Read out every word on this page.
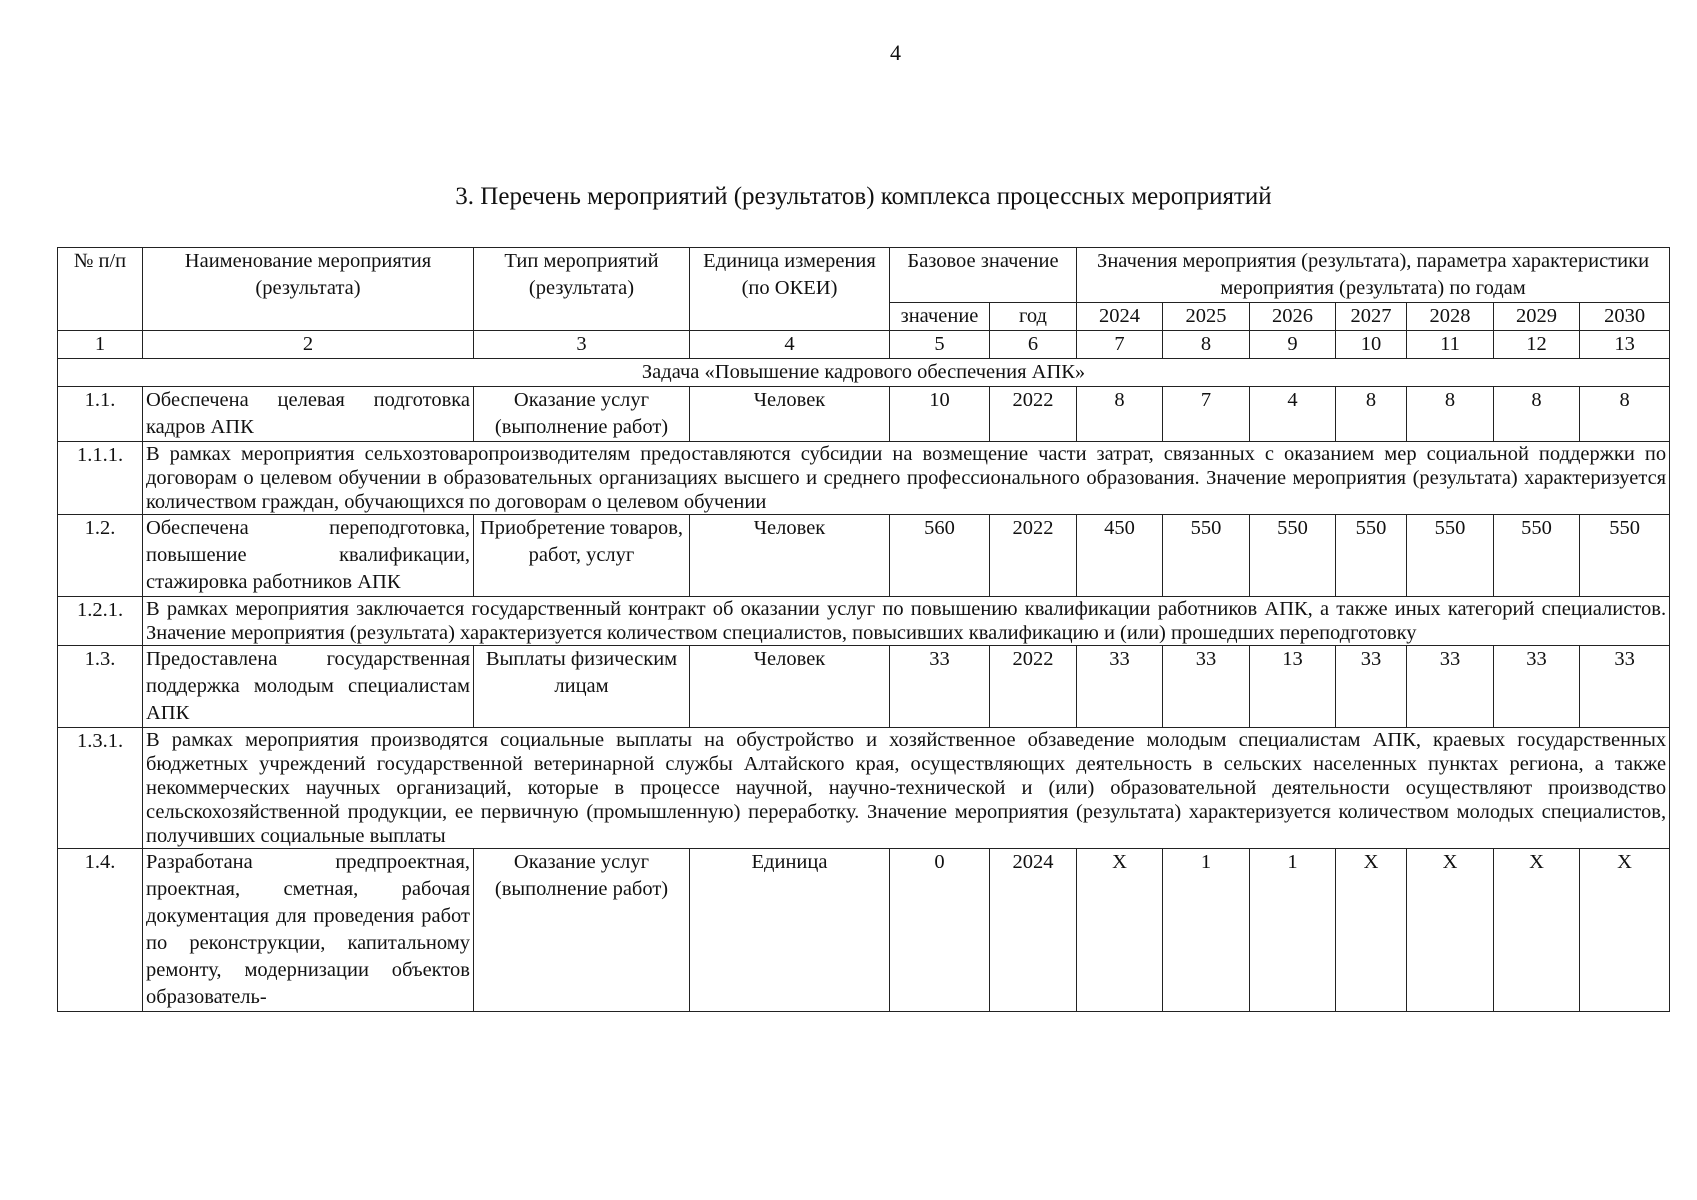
4
3. Перечень мероприятий (результатов) комплекса процессных мероприятий
№ п/п	Наименование мероприятия (результата)	Тип мероприятий (результата)	Единица измерения (по ОКЕИ)	Базовое значение		Значения мероприятия (результата), параметра характеристики мероприятия (результата) по годам						

				значение	год	2024	2025	2026	2027	2028	2029	2030
1	2	3	4	5	6	7	8	9	10	11	12	13
Задача «Повышение кадрового обеспечения АПК»												
1.1.	Обеспечена целевая подготовка кадров АПК	Оказание услуг (выполнение работ)	Человек	10	2022	8	7	4	8	8	8	8
1.1.1.	В рамках мероприятия сельхозтоваропроизводителям предоставляются субсидии на возмещение части затрат, связанных с оказанием мер социальной поддержки по договорам о целевом обучении в образовательных организациях высшего и среднего профессионального образования. Значение мероприятия (результата) характеризуется количеством граждан, обучающихся по договорам о целевом обучении											
1.2.	Обеспечена переподготовка, повышение квалификации, стажировка работников АПК	Приобретение товаров, работ, услуг	Человек	560	2022	450	550	550	550	550	550	550
1.2.1.	В рамках мероприятия заключается государственный контракт об оказании услуг по повышению квалификации работников АПК, а также иных категорий специалистов. Значение мероприятия (результата) характеризуется количеством специалистов, повысивших квалификацию и (или) прошедших переподготовку											
1.3.	Предоставлена государственная поддержка молодым специалистам АПК	Выплаты физическим лицам	Человек	33	2022	33	33	13	33	33	33	33
1.3.1.	В рамках мероприятия производятся социальные выплаты на обустройство и хозяйственное обзаведение молодым специалистам АПК, краевых государственных бюджетных учреждений государственной ветеринарной службы Алтайского края, осуществляющих деятельность в сельских населенных пунктах региона, а также некоммерческих научных организаций, которые в процессе научной, научно-технической и (или) образовательной деятельности осуществляют производство сельскохозяйственной продукции, ее первичную (промышленную) переработку. Значение мероприятия (результата) характеризуется количеством молодых специалистов, получивших социальные выплаты											
1.4.	Разработана предпроектная, проектная, сметная, рабочая документация для проведения работ по реконструкции, капитальному ремонту, модернизации объектов образователь-	Оказание услуг (выполнение работ)	Единица	0	2024	X	1	1	X	X	X	X
